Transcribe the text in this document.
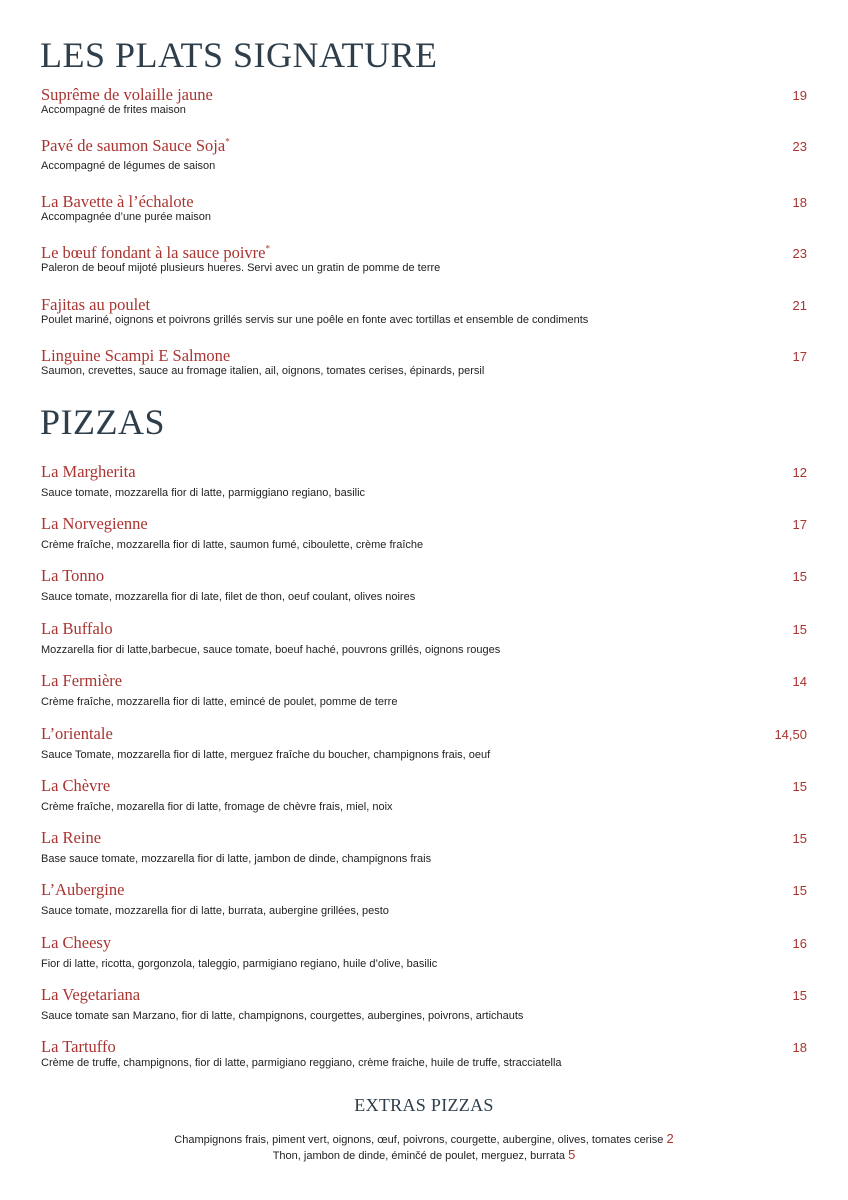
LES PLATS SIGNATURE
Suprême de volaille jaune
Accompagné de frites maison
19
Pavé de saumon Sauce Soja*
Accompagné de légumes de saison
23
La Bavette à l’échalote
Accompagnée d’une purée maison
18
Le bœuf fondant à la sauce poivre*
Paleron de beouf mijoté plusieurs hueres. Servi avec un gratin de pomme de terre
23
Fajitas au poulet
Poulet mariné, oignons et poivrons grillés servis sur une poêle en fonte avec tortillas et ensemble de condiments
21
Linguine Scampi E Salmone
Saumon, crevettes, sauce au fromage italien, ail, oignons, tomates cerises, épinards, persil
17
PIZZAS
La Margherita
Sauce tomate, mozzarella fior di latte, parmiggiano regiano, basilic
12
La Norvegienne
Crème fraîche, mozzarella fior di latte, saumon fumé, ciboulette, crème fraîche
17
La Tonno
Sauce tomate, mozzarella fior di late, filet de thon, oeuf coulant, olives noires
15
La Buffalo
Mozzarella fior di latte,barbecue, sauce tomate, boeuf haché, pouvrons grillés, oignons rouges
15
La Fermière
Crème fraîche, mozzarella fior di latte, emincé de poulet, pomme de terre
14
L’orientale
Sauce Tomate, mozzarella fior di latte, merguez fraîche du boucher, champignons frais, oeuf
14,50
La Chèvre
Crème fraîche, mozarella fior di latte, fromage de chèvre frais, miel, noix
15
La Reine
Base sauce tomate, mozzarella fior di latte, jambon de dinde, champignons frais
15
L’Aubergine
Sauce tomate, mozzarella fior di latte, burrata, aubergine grillées, pesto
15
La Cheesy
Fior di latte, ricotta, gorgonzola, taleggio, parmigiano regiano, huile d’olive, basilic
16
La Vegetariana
Sauce tomate san Marzano, fior di latte, champignons, courgettes, aubergines, poivrons, artichauts
15
La Tartuffo
Crème de truffe, champignons, fior di latte, parmigiano reggiano, crème fraiche, huile de truffe, stracciatella
18
EXTRAS PIZZAS
Champignons frais, piment vert, oignons, œuf, poivrons, courgette, aubergine, olives, tomates cerise 2
Thon, jambon de dinde, éminčé de poulet, merguez, burrata 5
